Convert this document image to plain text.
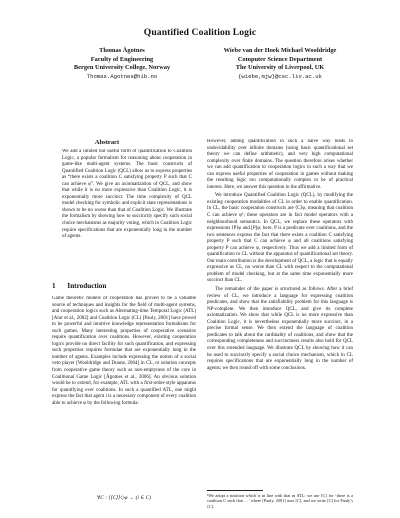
Quantified Coalition Logic
Thomas Ågotnes
Faculty of Engineering
Bergen University College, Norway
Thomas.Agotnes@hib.no
Wiebe van der Hoek Michael Wooldridge
Computer Science Department
The University of Liverpool, UK
{wiebe,mjw}@csc.liv.ac.uk
Abstract

We add a limited but useful form of quantification to Coalition Logic, a popular formalism for reasoning about cooperation in game-like multi-agent systems. The basic constructs of Quantified Coalition Logic (QCL) allow us to express properties as “there exists a coalition C satisfying property P such that C can achieve φ”. We give an axiomatization of QCL, and show that while it is no more expressive than Coalition Logic, it is exponentially more succinct. The time complexity of QCL model checking for symbolic and explicit state representations is shown to be no worse than that of Coalition Logic. We illustrate the formalism by showing how to succinctly specify such social choice mechanisms as majority voting, which in Coalition Logic require specifications that are exponentially long in the number of agents.

1 Introduction

Game theoretic models of cooperation has proved to be a valuable source of techniques and insights for the field of multi-agent systems, and cooperation logics such as Alternating-time Temporal Logic (ATL) [Alur et al., 2002] and Coalition Logic (CL) [Pauly, 2001] have proved to be powerful and intuitive knowledge representation formalisms for such games. Many interesting properties of cooperative scenarios require quantification over coalitions. However, existing cooperation logics provide no direct facility for such quantification, and expressing such properties requires formulae that are exponentially long in the number of agents. Examples include expressing the notion of a social veto player [Wooldridge and Dunne, 2004] in CL, or solution concepts from cooperative game theory such as non-emptyness of the core in Coalitional Game Logic [Ågotnes et al., 2006]. An obvious solution would be to extend, for example, ATL with a first-order-style apparatus for quantifying over coalitions. In such a quantified ATL, one might express the fact that agent i is a necessary component of every coalition able to achieve φ by the following formula:

∀C : ⟨⟨C⟩⟩◇φ → (i ∈ C)

However, adding quantification in such a naive way leads to undecidability over infinite domains (using basic quantificational set theory we can define arithmetic), and very high computational complexity over finite domains. The question therefore arises whether we can add quantification to cooperation logics in such a way that we can express useful properties of cooperation in games without making the resulting logic too computationally complex to be of practical interest. Here, we answer this question in the affirmative.

We introduce Quantified Coalition Logic (QCL), by modifying the existing cooperation modalities of CL in order to enable quantification. In CL, the basic cooperation constructs are ⟨C⟩φ, meaning that coalition C can achieve φ¹; these operators are in fact model operators with a neighbourhood semantics. In QCL, we replace these operators with expressions ⟨P⟩φ and [P]φ; here, P is a predicate over coalitions, and the two sentences express the fact that there exists a coalition C satisfying property P such that C can achieve φ and all coalitions satisfying property P can achieve φ, respectively. Thus we add a limited form of quantification to CL without the apparatus of quantificational set theory. Our main contribution is the development of QCL, a logic that is equally expressive as CL, no worse than CL with respect to the computational problem of model checking, but at the same time exponentially more succinct than CL.

The remainder of the paper is structured as follows. After a brief review of CL, we introduce a language for expressing coalition predicates, and show that the satisfiability problem for this language is NP-complete. We then introduce QCL, and give its complete axiomatization. We show that while QCL is no more expressive than Coalition Logic, it is nevertheless exponentially more succinct, in a precise formal sense. We then extend the language of coalition predicates to talk about the cardinality of coalitions, and show that the corresponding completeness and succinctness results also hold for QCL over this extended language. We illustrate QCL by showing how it can be used to succinctly specify a social choice mechanism, which in CL requires specifications that are exponentially long in the number of agents; we then round off with some conclusions.

¹We adopt a notation which is in line with that in ATL: we use ⟨C⟩ for ‘there is a coalition C such that …’ where [Pauly, 2001] uses [C], and we write [C] for Pauly’s ⟨C⟩.
